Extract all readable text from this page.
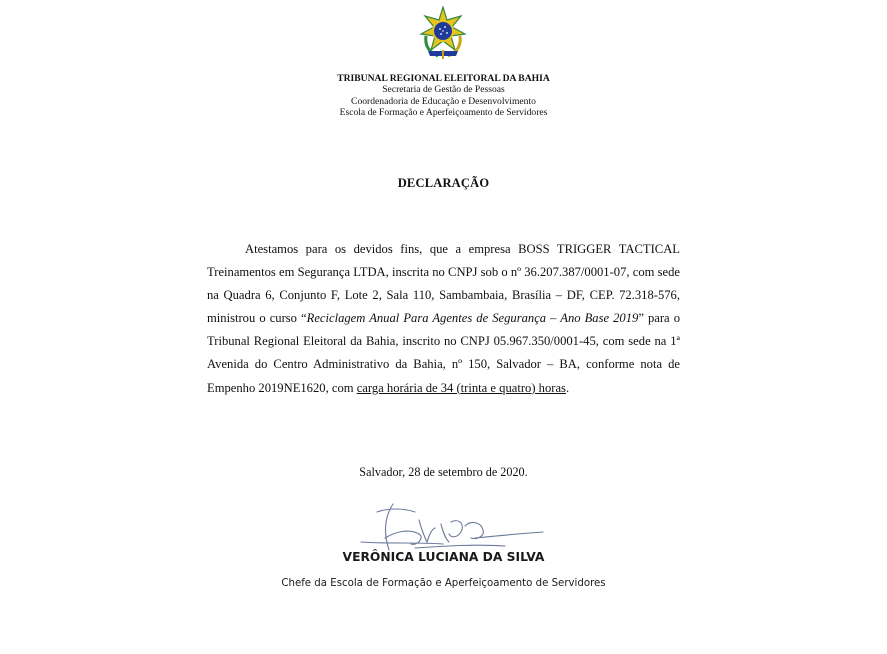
TRIBUNAL REGIONAL ELEITORAL DA BAHIA
Secretaria de Gestão de Pessoas
Coordenadoria de Educação e Desenvolvimento
Escola de Formação e Aperfeiçoamento de Servidores
DECLARAÇÃO
Atestamos para os devidos fins, que a empresa BOSS TRIGGER TACTICAL Treinamentos em Segurança LTDA, inscrita no CNPJ sob o nº 36.207.387/0001-07, com sede na Quadra 6, Conjunto F, Lote 2, Sala 110, Sambambaia, Brasília – DF, CEP. 72.318-576, ministrou o curso “Reciclagem Anual Para Agentes de Segurança – Ano Base 2019” para o Tribunal Regional Eleitoral da Bahia, inscrito no CNPJ 05.967.350/0001-45, com sede na 1ª Avenida do Centro Administrativo da Bahia, nº 150, Salvador – BA, conforme nota de Empenho 2019NE1620, com carga horária de 34 (trinta e quatro) horas.
Salvador, 28 de setembro de 2020.
VERÔNICA LUCIANA DA SILVA
Chefe da Escola de Formação e Aperfeiçoamento de Servidores
